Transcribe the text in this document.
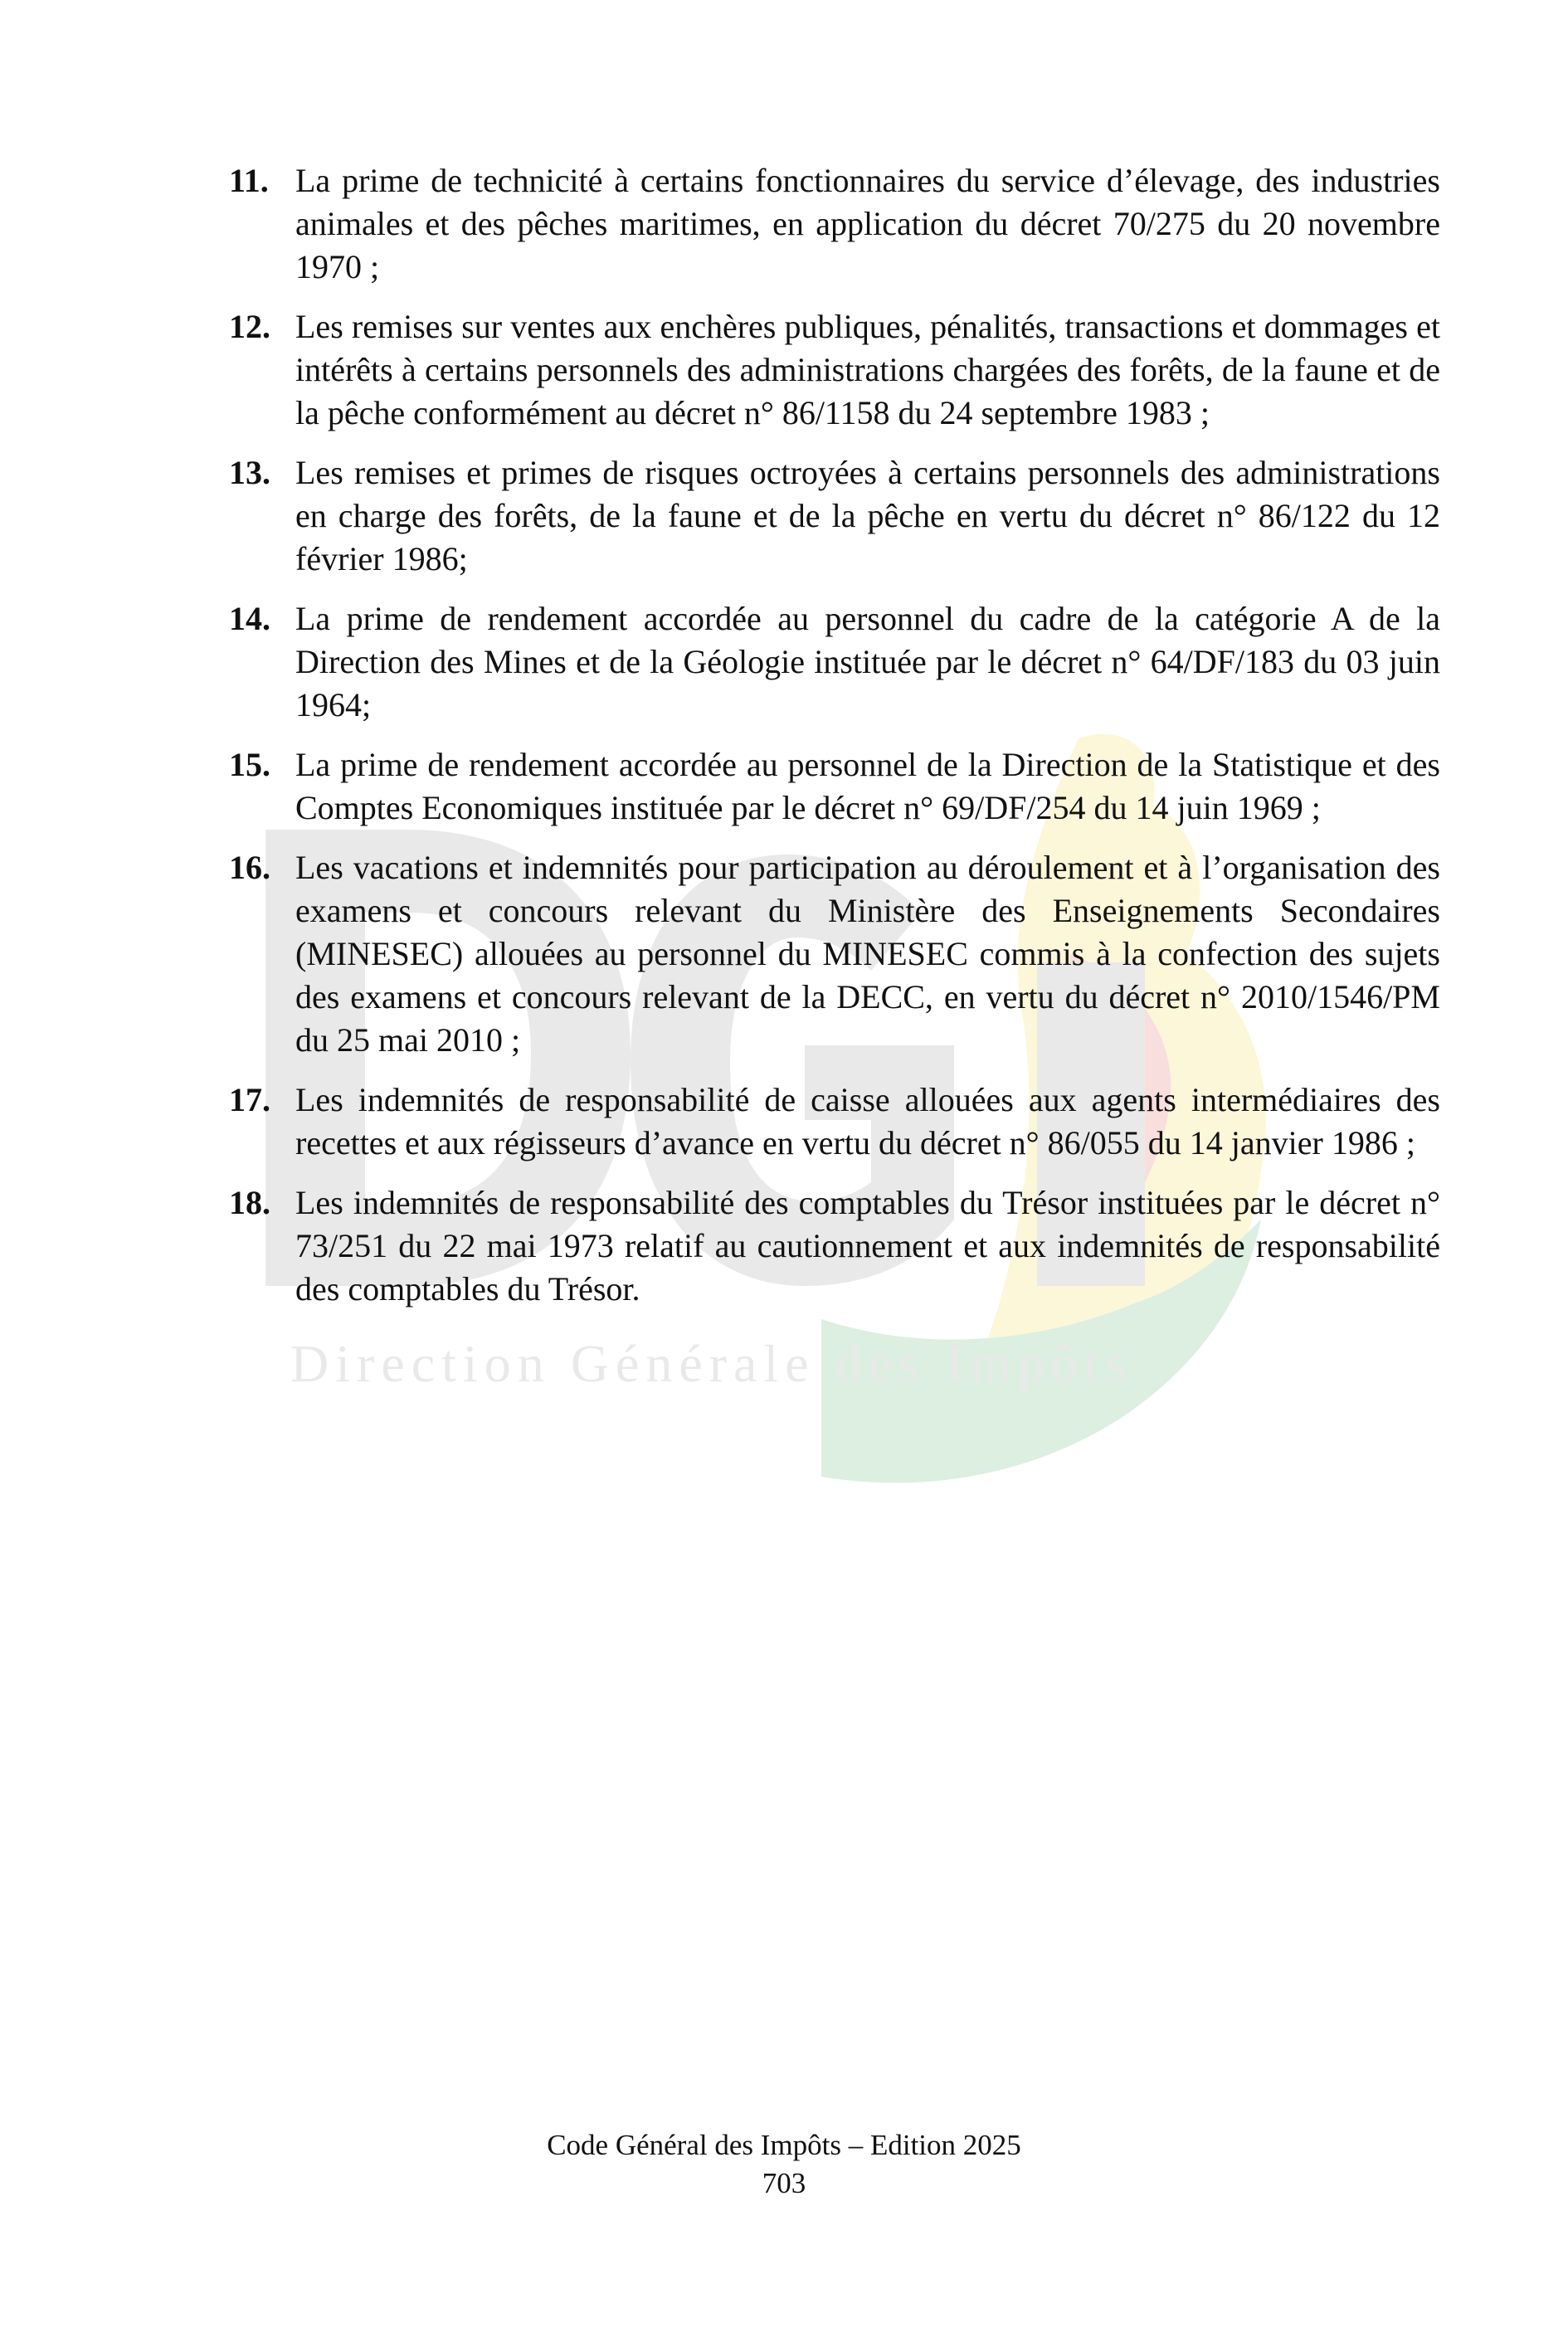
Direction Générale des Impôts
11. La prime de technicité à certains fonctionnaires du service d’élevage, des industries animales et des pêches maritimes, en application du décret 70/275 du 20 novembre 1970 ;
12. Les remises sur ventes aux enchères publiques, pénalités, transactions et dommages et intérêts à certains personnels des administrations chargées des forêts, de la faune et de la pêche conformément au décret n° 86/1158 du 24 septembre 1983 ;
13. Les remises et primes de risques octroyées à certains personnels des administrations en charge des forêts, de la faune et de la pêche en vertu du décret n° 86/122 du 12 février 1986;
14. La prime de rendement accordée au personnel du cadre de la catégorie A de la Direction des Mines et de la Géologie instituée par le décret n° 64/DF/183 du 03 juin 1964;
15. La prime de rendement accordée au personnel de la Direction de la Statistique et des Comptes Economiques instituée par le décret n° 69/DF/254 du 14 juin 1969 ;
16. Les vacations et indemnités pour participation au déroulement et à l’organisation des examens et concours relevant du Ministère des Enseignements Secondaires (MINESEC) allouées au personnel du MINESEC commis à la confection des sujets des examens et concours relevant de la DECC, en vertu du décret n° 2010/1546/PM du 25 mai 2010 ;
17. Les indemnités de responsabilité de caisse allouées aux agents intermédiaires des recettes et aux régisseurs d’avance en vertu du décret n° 86/055 du 14 janvier 1986 ;
18. Les indemnités de responsabilité des comptables du Trésor instituées par le décret n° 73/251 du 22 mai 1973 relatif au cautionnement et aux indemnités de responsabilité des comptables du Trésor.
Code Général des Impôts – Edition 2025
703
